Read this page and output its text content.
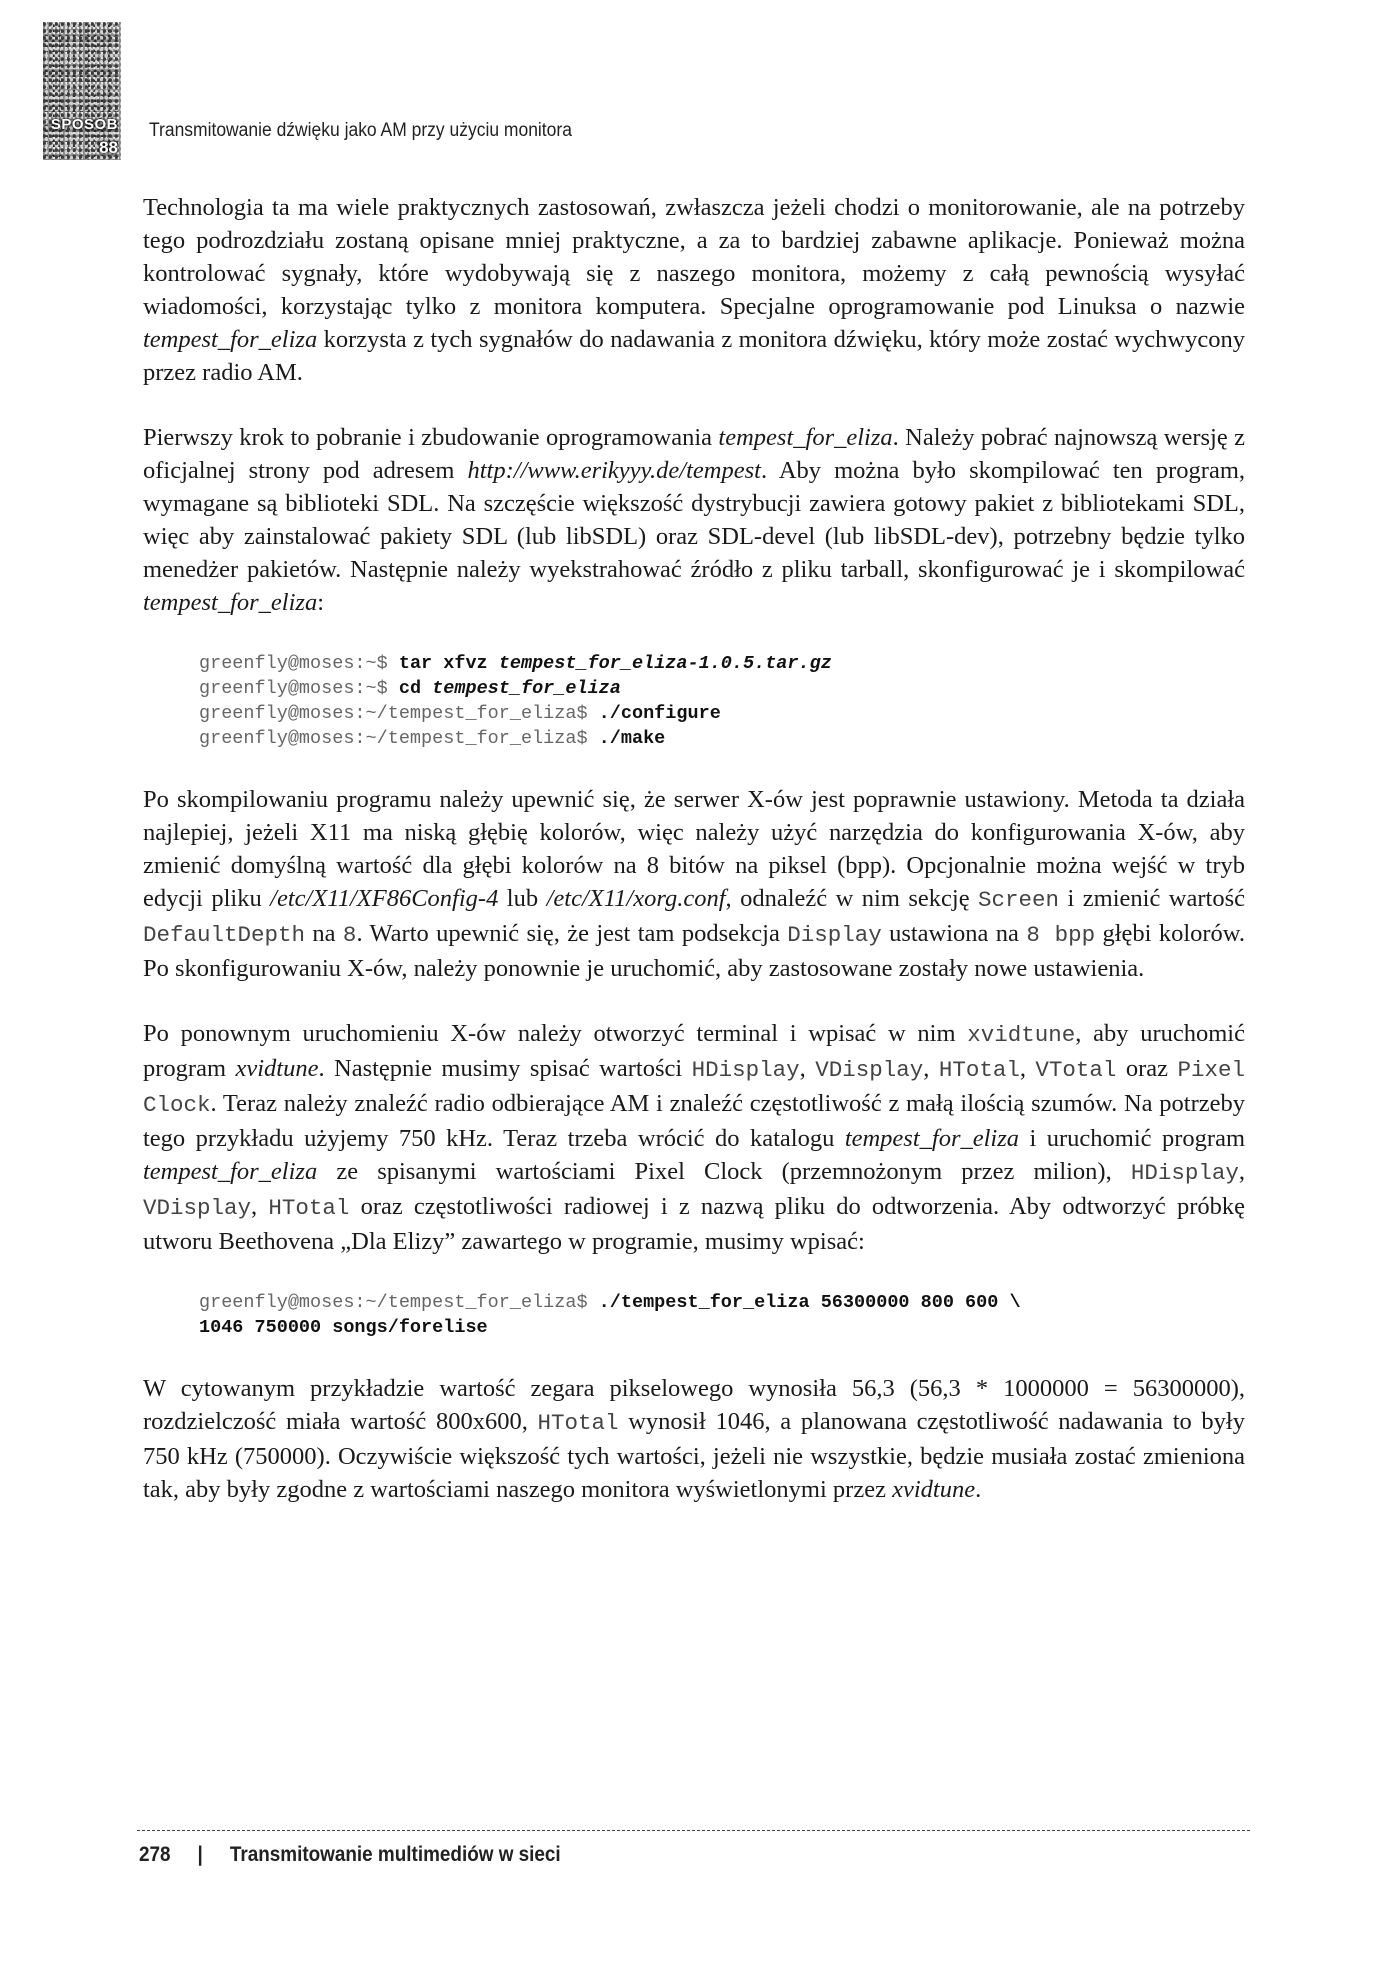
SPOSÓB
88
Transmitowanie dźwięku jako AM przy użyciu monitora

Technologia ta ma wiele praktycznych zastosowań, zwłaszcza jeżeli chodzi o monitorowanie, ale na potrzeby tego podrozdziału zostaną opisane mniej praktyczne, a za to bardziej zabawne aplikacje. Ponieważ można kontrolować sygnały, które wydobywają się z naszego monitora, możemy z całą pewnością wysyłać wiadomości, korzystając tylko z monitora komputera. Specjalne oprogramowanie pod Linuksa o nazwie tempest_for_eliza korzysta z tych sygnałów do nadawania z monitora dźwięku, który może zostać wychwycony przez radio AM.

Pierwszy krok to pobranie i zbudowanie oprogramowania tempest_for_eliza. Należy pobrać najnowszą wersję z oficjalnej strony pod adresem http://www.erikyyy.de/tempest. Aby można było skompilować ten program, wymagane są biblioteki SDL. Na szczęście większość dystrybucji zawiera gotowy pakiet z bibliotekami SDL, więc aby zainstalować pakiety SDL (lub libSDL) oraz SDL-devel (lub libSDL-dev), potrzebny będzie tylko menedżer pakietów. Następnie należy wyekstrahować źródło z pliku tarball, skonfigurować je i skompilować tempest_for_eliza:

greenfly@moses:~$ tar xfvz tempest_for_eliza-1.0.5.tar.gz
greenfly@moses:~$ cd tempest_for_eliza
greenfly@moses:~/tempest_for_eliza$ ./configure
greenfly@moses:~/tempest_for_eliza$ ./make

Po skompilowaniu programu należy upewnić się, że serwer X-ów jest poprawnie ustawiony. Metoda ta działa najlepiej, jeżeli X11 ma niską głębię kolorów, więc należy użyć narzędzia do konfigurowania X-ów, aby zmienić domyślną wartość dla głębi kolorów na 8 bitów na piksel (bpp). Opcjonalnie można wejść w tryb edycji pliku /etc/X11/XF86Config-4 lub /etc/X11/xorg.conf, odnaleźć w nim sekcję Screen i zmienić wartość DefaultDepth na 8. Warto upewnić się, że jest tam podsekcja Display ustawiona na 8 bpp głębi kolorów. Po skonfigurowaniu X-ów, należy ponownie je uruchomić, aby zastosowane zostały nowe ustawienia.

Po ponownym uruchomieniu X-ów należy otworzyć terminal i wpisać w nim xvidtune, aby uruchomić program xvidtune. Następnie musimy spisać wartości HDisplay, VDisplay, HTotal, VTotal oraz Pixel Clock. Teraz należy znaleźć radio odbierające AM i znaleźć częstotliwość z małą ilością szumów. Na potrzeby tego przykładu użyjemy 750 kHz. Teraz trzeba wrócić do katalogu tempest_for_eliza i uruchomić program tempest_for_eliza ze spisanymi wartościami Pixel Clock (przemnożonym przez milion), HDisplay, VDisplay, HTotal oraz częstotliwości radiowej i z nazwą pliku do odtworzenia. Aby odtworzyć próbkę utworu Beethovena „Dla Elizy” zawartego w programie, musimy wpisać:

greenfly@moses:~/tempest_for_eliza$ ./tempest_for_eliza 56300000 800 600 \
1046 750000 songs/forelise

W cytowanym przykładzie wartość zegara pikselowego wynosiła 56,3 (56,3 * 1000000 = 56300000), rozdzielczość miała wartość 800x600, HTotal wynosił 1046, a planowana częstotliwość nadawania to były 750 kHz (750000). Oczywiście większość tych wartości, jeżeli nie wszystkie, będzie musiała zostać zmieniona tak, aby były zgodne z wartościami naszego monitora wyświetlonymi przez xvidtune.

278 | Transmitowanie multimediów w sieci
